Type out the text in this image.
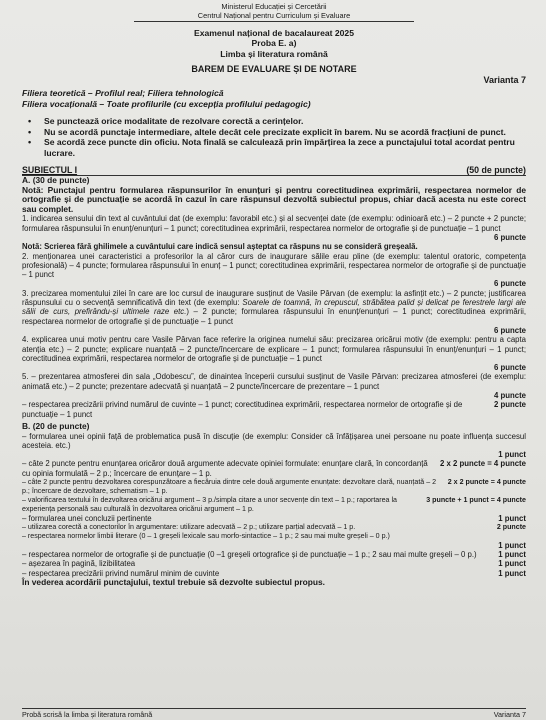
Ministerul Educației și Cercetării
Centrul Național pentru Curriculum și Evaluare
Examenul național de bacalaureat 2025
Proba E. a)
Limba și literatura română
BAREM DE EVALUARE ȘI DE NOTARE
Varianta 7
Filiera teoretică – Profilul real; Filiera tehnologică
Filiera vocațională – Toate profilurile (cu excepția profilului pedagogic)
• Se punctează orice modalitate de rezolvare corectă a cerințelor.
• Nu se acordă punctaje intermediare, altele decât cele precizate explicit în barem. Nu se acordă fracțiuni de punct.
• Se acordă zece puncte din oficiu. Nota finală se calculează prin împărțirea la zece a punctajului total acordat pentru lucrare.
SUBIECTUL I	(50 de puncte)
A. (30 de puncte)
Notă: Punctajul pentru formularea răspunsurilor în enunțuri și pentru corectitudinea exprimării, respectarea normelor de ortografie și de punctuație se acordă în cazul în care răspunsul dezvoltă subiectul propus, chiar dacă acesta nu este corect sau complet.
1. indicarea sensului din text al cuvântului dat (de exemplu: favorabil etc.) și al secvenței date (de exemplu: odinioară etc.) – 2 puncte + 2 puncte; formularea răspunsului în enunț/enunțuri – 1 punct; corectitudinea exprimării, respectarea normelor de ortografie și de punctuație – 1 punct
6 puncte
Notă: Scrierea fără ghilimele a cuvântului care indică sensul așteptat ca răspuns nu se consideră greșeală.
2. menționarea unei caracteristici a profesorilor la al căror curs de inaugurare sălile erau pline (de exemplu: talentul oratoric, competența profesională) – 4 puncte; formularea răspunsului în enunț – 1 punct; corectitudinea exprimării, respectarea normelor de ortografie și de punctuație – 1 punct
6 puncte
3. precizarea momentului zilei în care are loc cursul de inaugurare susținut de Vasile Pârvan (de exemplu: la asfințit etc.) – 2 puncte; justificarea răspunsului cu o secvență semnificativă din text (de exemplu: Soarele de toamnă, în crepuscul, străbătea palid și delicat pe ferestrele largi ale sălii de curs, prefirându-și ultimele raze etc.) – 2 puncte; formularea răspunsului în enunț/enunțuri – 1 punct; corectitudinea exprimării, respectarea normelor de ortografie și de punctuație – 1 punct
6 puncte
4. explicarea unui motiv pentru care Vasile Pârvan face referire la originea numelui său: precizarea oricărui motiv (de exemplu: pentru a capta atenția etc.) – 2 puncte; explicare nuanțată – 2 puncte/încercare de explicare – 1 punct; formularea răspunsului în enunț/enunțuri – 1 punct; corectitudinea exprimării, respectarea normelor de ortografie și de punctuație – 1 punct
6 puncte
5. – prezentarea atmosferei din sala „Odobescu”, de dinaintea începerii cursului susținut de Vasile Pârvan: precizarea atmosferei (de exemplu: animată etc.) – 2 puncte; prezentare adecvată și nuanțată – 2 puncte/încercare de prezentare – 1 punct
4 puncte
– respectarea precizării privind numărul de cuvinte – 1 punct; corectitudinea exprimării, respectarea normelor de ortografie și de punctuație – 1 punct
2 puncte
B. (20 de puncte)
– formularea unei opinii față de problematica pusă în discuție (de exemplu: Consider că înfățișarea unei persoane nu poate influența succesul acesteia. etc.)
1 punct
– câte 2 puncte pentru enunțarea oricăror două argumente adecvate opiniei formulate: enunțare clară, în concordanță cu opinia formulată – 2 p.; încercare de enunțare – 1 p.
2 x 2 puncte = 4 puncte
– câte 2 puncte pentru dezvoltarea corespunzătoare a fiecăruia dintre cele două argumente enunțate: dezvoltare clară, nuanțată – 2 p.; încercare de dezvoltare, schematism – 1 p.
2 x 2 puncte = 4 puncte
– valorificarea textului în dezvoltarea oricărui argument – 3 p./simpla citare a unor secvențe din text – 1 p.; raportarea la experiența personală sau culturală în dezvoltarea oricărui argument – 1 p.
3 puncte + 1 punct = 4 puncte
– formularea unei concluzii pertinente	1 punct
– utilizarea corectă a conectorilor în argumentare: utilizare adecvată – 2 p.; utilizare parțial adecvată – 1 p.	2 puncte
– respectarea normelor limbii literare (0 – 1 greșeli lexicale sau morfo-sintactice – 1 p.; 2 sau mai multe greșeli – 0 p.)
1 punct
– respectarea normelor de ortografie și de punctuație (0 –1 greșeli ortografice și de punctuație – 1 p.; 2 sau mai multe greșeli – 0 p.)	1 punct
– așezarea în pagină, lizibilitatea	1 punct
– respectarea precizării privind numărul minim de cuvinte	1 punct
În vederea acordării punctajului, textul trebuie să dezvolte subiectul propus.
Probă scrisă la limba și literatura română	Varianta 7
